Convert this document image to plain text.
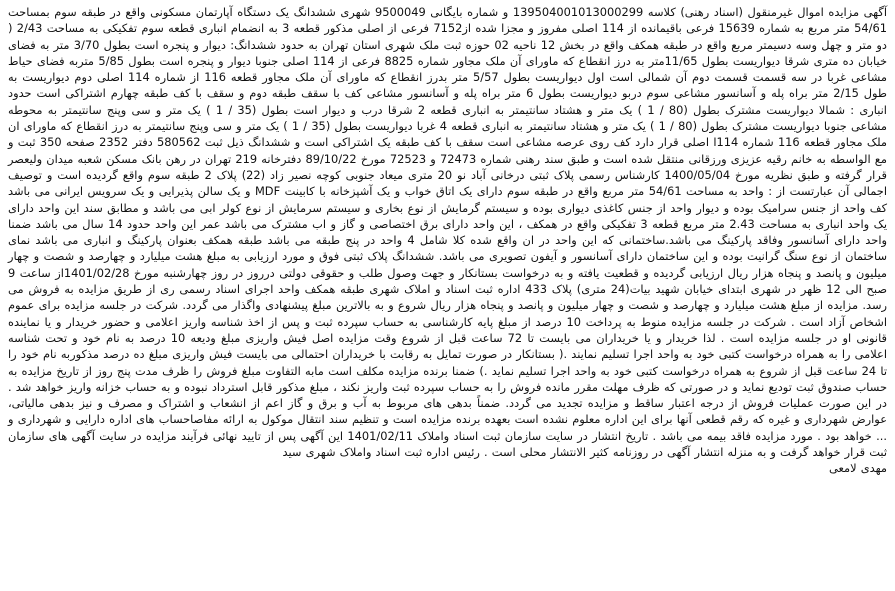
آگهی مزایده اموال غیرمنقول (اسناد رهنی) کلاسه 139504001013000299 و شماره بایگانی 9500049 شهری ششدانگ یک دستگاه آپارتمان مسکونی واقع در طبقه سوم بمساحت 54/61 متر مربع به شماره 15639 فرعی باقیمانده از 114 اصلی مفروز و مجزا شده از7152 فرعی از اصلی مذکور قطعه 3 به انضمام انباری قطعه سوم تفکیکی به مساحت 2/43 ( دو متر و چهل وسه دسیمتر مربع واقع در طبقه همکف واقع در بخش 12 ناحیه 02 حوزه ثبت ملک شهری استان تهران به حدود ششدانگ: دیوار و پنجره است بطول 3/70 متر به فضای خیابان ده متری شرقا دیواریست بطول 11/65متر به درز انقطاع که ماورای آن ملک مجاور شماره 8825 فرعی از 114 اصلی جنوبا دیوار و پنجره است بطول 5/85 متربه فضای حیاط مشاعی غربا در سه قسمت قسمت دوم آن شمالی است اول دیواریست بطول 5/57 متر بدرز انقطاع که ماورای آن ملک مجاور قطعه 116 از شماره 114 اصلی دوم دیواریست به طول 2/15 متر براه پله و آسانسور مشاعی سوم دربو دیواریست بطول 6 متر براه پله و آسانسور مشاعی کف با سقف طبقه دوم و سقف با کف طبقه چهارم اشتراکی است حدود انباری : شمالا دیواریست مشترک بطول (80 / 1 ) یک متر و هشتاد سانتیمتر به انباری قطعه 2 شرقا درب و دیوار است بطول (35 / 1 ) یک متر و سی وپنج سانتیمتر به محوطه مشاعی جنوبا دیواریست مشترک بطول (80 / 1 ) یک متر و هشتاد سانتیمتر به انباری قطعه 4 غربا دیواریست بطول (35 / 1 ) یک متر و سی وپنج سانتیمتر به درز انقطاع که ماورای ان ملک مجاور قطعه 116 شماره 114ا اصلی قرار دارد کف روی عرصه مشاعی است سقف با کف طبقه یک اشتراکی است و ششدانگ ذیل ثبت 580562 دفتر 2352 صفحه 350 ثبت و مع الواسطه به خانم رقیه عزیزی ورزقانی منتقل شده است و طبق سند رهنی شماره 72473 و 72523 مورخ 89/10/22 دفترخانه 219 تهران در رهن بانک مسکن شعبه میدان ولیعصر قرار گرفته و طبق نظریه مورخ 1400/05/04 کارشناس رسمی پلاک ثبتی درخانی آباد نو 20 متری میعاد جنوبی کوچه نصیر زاد (22) پلاک 2 طبقه سوم واقع گردیده است و توصیف اجمالی آن عبارتست از : واحد به مساحت 54/61 متر مربع واقع در طبقه سوم دارای یک اتاق خواب و یک آشپزخانه با کابینت MDF و یک سالن پذیرایی و یک سرویس ایرانی می باشد کف واحد از جنس سرامیک بوده و دیوار واحد از جنس کاغذی دیواری بوده و سیستم گرمایش از نوع بخاری و سیستم سرمایش از نوع کولر ابی می باشد و مطابق سند این واحد دارای یک واحد انباری به مساحت 2.43 متر مربع قطعه 3 تفکیکی واقع در همکف ، این واحد دارای برق اختصاصی و گاز و اب مشترک می باشد عمر این واحد حدود 14 سال می باشد ضمنا واحد دارای آسانسور وفاقد پارکینگ می باشد.ساختمانی که این واحد در ان واقع شده کلا شامل 4 واحد در پنج طبقه می باشد طبقه همکف بعنوان پارکینگ و انباری می باشد نمای ساختمان از نوع سنگ گرانیت بوده و این ساختمان دارای آسانسور و آیفون تصویری می باشد. ششدانگ پلاک ثبتی فوق و مورد ارزیابی به مبلغ هشت میلیارد و چهارصد و شصت و چهار میلیون و پانصد و پنجاه هزار ریال ارزیابی گردیده و قطعیت یافته و به درخواست بستانکار و جهت وصول طلب و حقوقی دولتی درروز در روز چهارشنبه مورخ 1401/02/28از ساعت 9 صبح الی 12 ظهر در شهری ابتدای خیابان شهید بیات(24 متری) پلاک 433 اداره ثبت اسناد و املاک شهری طبقه همکف واحد اجرای اسناد رسمی ری از طریق مزایده به فروش می رسد. مزایده از مبلغ هشت میلیارد و چهارصد و شصت و چهار میلیون و پانصد و پنجاه هزار ریال شروع و به بالاترین مبلغ پیشنهادی واگذار می گردد. شرکت در جلسه مزایده برای عموم اشخاص آزاد است . شرکت در جلسه مزایده منوط به پرداخت 10 درصد از مبلغ پایه کارشناسی به حساب سپرده ثبت و پس از اخذ شناسه واریز اعلامی و حضور خریدار و یا نماینده قانونی او در جلسه مزایده است . لذا خریدار و یا خریداران می بایست تا 72 ساعت قبل از شروع وقت مزایده اصل فیش واریزی مبلغ ودیعه 10 درصد به نام خود و تحت شناسه اعلامی را به همراه درخواست کتبی خود به واحد اجرا تسلیم نمایند .( بستانکار در صورت تمایل به رقابت با خریداران احتمالی می بایست فیش واریزی مبلغ ده درصد مذکوربه نام خود را تا 24 ساعت قبل از شروع به همراه درخواست کتبی خود به واحد اجرا تسلیم نماید .) ضمنا برنده مزایده مکلف است مابه التفاوت مبلغ فروش را ظرف مدت پنج روز از تاریخ مزایده به حساب صندوق ثبت تودیع نماید و در صورتی که ظرف مهلت مقرر مانده فروش را به حساب سپرده ثبت واریز نکند ، مبلغ مذکور قابل استرداد نبوده و به حساب خزانه واریز خواهد شد . در این صورت عملیات فروش از درجه اعتبار ساقط و مزایده تجدید می گردد. ضمناً بدهی های مربوط به آب و برق و گاز اعم از انشعاب و اشتراک و مصرف و نیز بدهی مالیاتی، عوارض شهرداری و غیره که رقم قطعی آنها برای این اداره معلوم نشده است بعهده برنده مزایده است و تنظیم سند انتقال موکول به ارائه مفاصاحساب های اداره دارایی و شهرداری و ... خواهد بود . مورد مزایده فاقد بیمه می باشد . تاریخ انتشار در سایت سازمان ثبت اسناد واملاک 1401/02/11 این آگهی پس از تایید نهائی فرآیند مزایده در سایت آگهی های سازمان ثبت قرار خواهد گرفت و به منزله انتشار آگهی در روزنامه کثیر الانتشار محلی است . رئیس اداره ثبت اسناد واملاک شهری سید

مهدی لامعی
